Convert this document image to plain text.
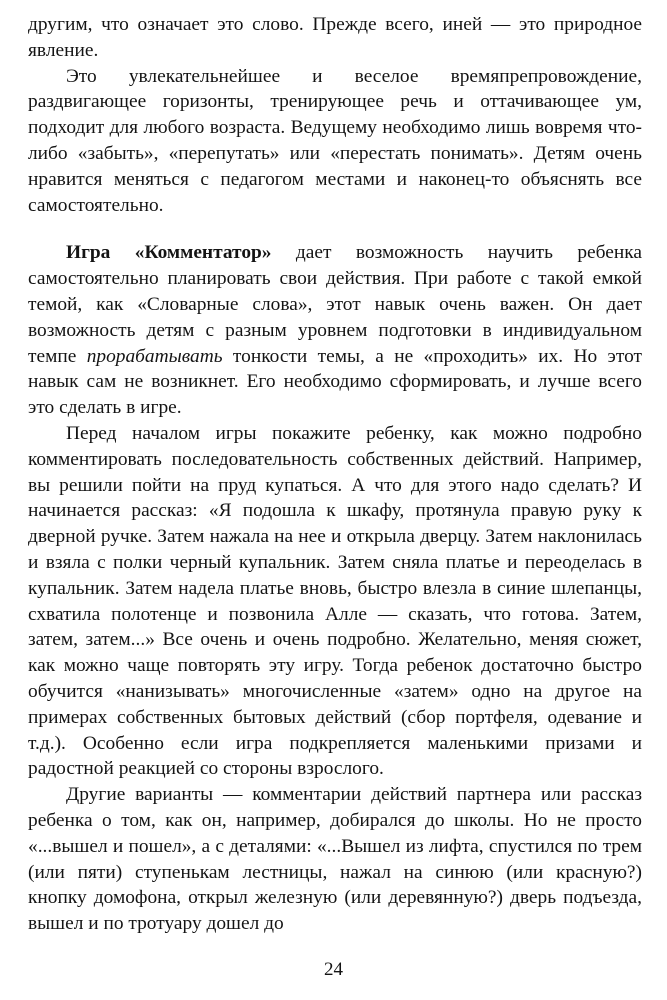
другим, что означает это слово. Прежде всего, иней — это природное явление.

Это увлекательнейшее и веселое времяпрепровождение, раздвигающее горизонты, тренирующее речь и оттачивающее ум, подходит для любого возраста. Ведущему необходимо лишь вовремя что-либо «забыть», «перепутать» или «перестать понимать». Детям очень нравится меняться с педагогом местами и наконец-то объяснять все самостоятельно.

Игра «Комментатор» дает возможность научить ребенка самостоятельно планировать свои действия. При работе с такой емкой темой, как «Словарные слова», этот навык очень важен. Он дает возможность детям с разным уровнем подготовки в индивидуальном темпе прорабатывать тонкости темы, а не «проходить» их. Но этот навык сам не возникнет. Его необходимо сформировать, и лучше всего это сделать в игре.

Перед началом игры покажите ребенку, как можно подробно комментировать последовательность собственных действий. Например, вы решили пойти на пруд купаться. А что для этого надо сделать? И начинается рассказ: «Я подошла к шкафу, протянула правую руку к дверной ручке. Затем нажала на нее и открыла дверцу. Затем наклонилась и взяла с полки черный купальник. Затем сняла платье и переоделась в купальник. Затем надела платье вновь, быстро влезла в синие шлепанцы, схватила полотенце и позвонила Алле — сказать, что готова. Затем, затем, затем...» Все очень и очень подробно. Желательно, меняя сюжет, как можно чаще повторять эту игру. Тогда ребенок достаточно быстро обучится «нанизывать» многочисленные «затем» одно на другое на примерах собственных бытовых действий (сбор портфеля, одевание и т.д.). Особенно если игра подкрепляется маленькими призами и радостной реакцией со стороны взрослого.

Другие варианты — комментарии действий партнера или рассказ ребенка о том, как он, например, добирался до школы. Но не просто «...вышел и пошел», а с деталями: «...Вышел из лифта, спустился по трем (или пяти) ступенькам лестницы, нажал на синюю (или красную?) кнопку домофона, открыл железную (или деревянную?) дверь подъезда, вышел и по тротуару дошел до

24
